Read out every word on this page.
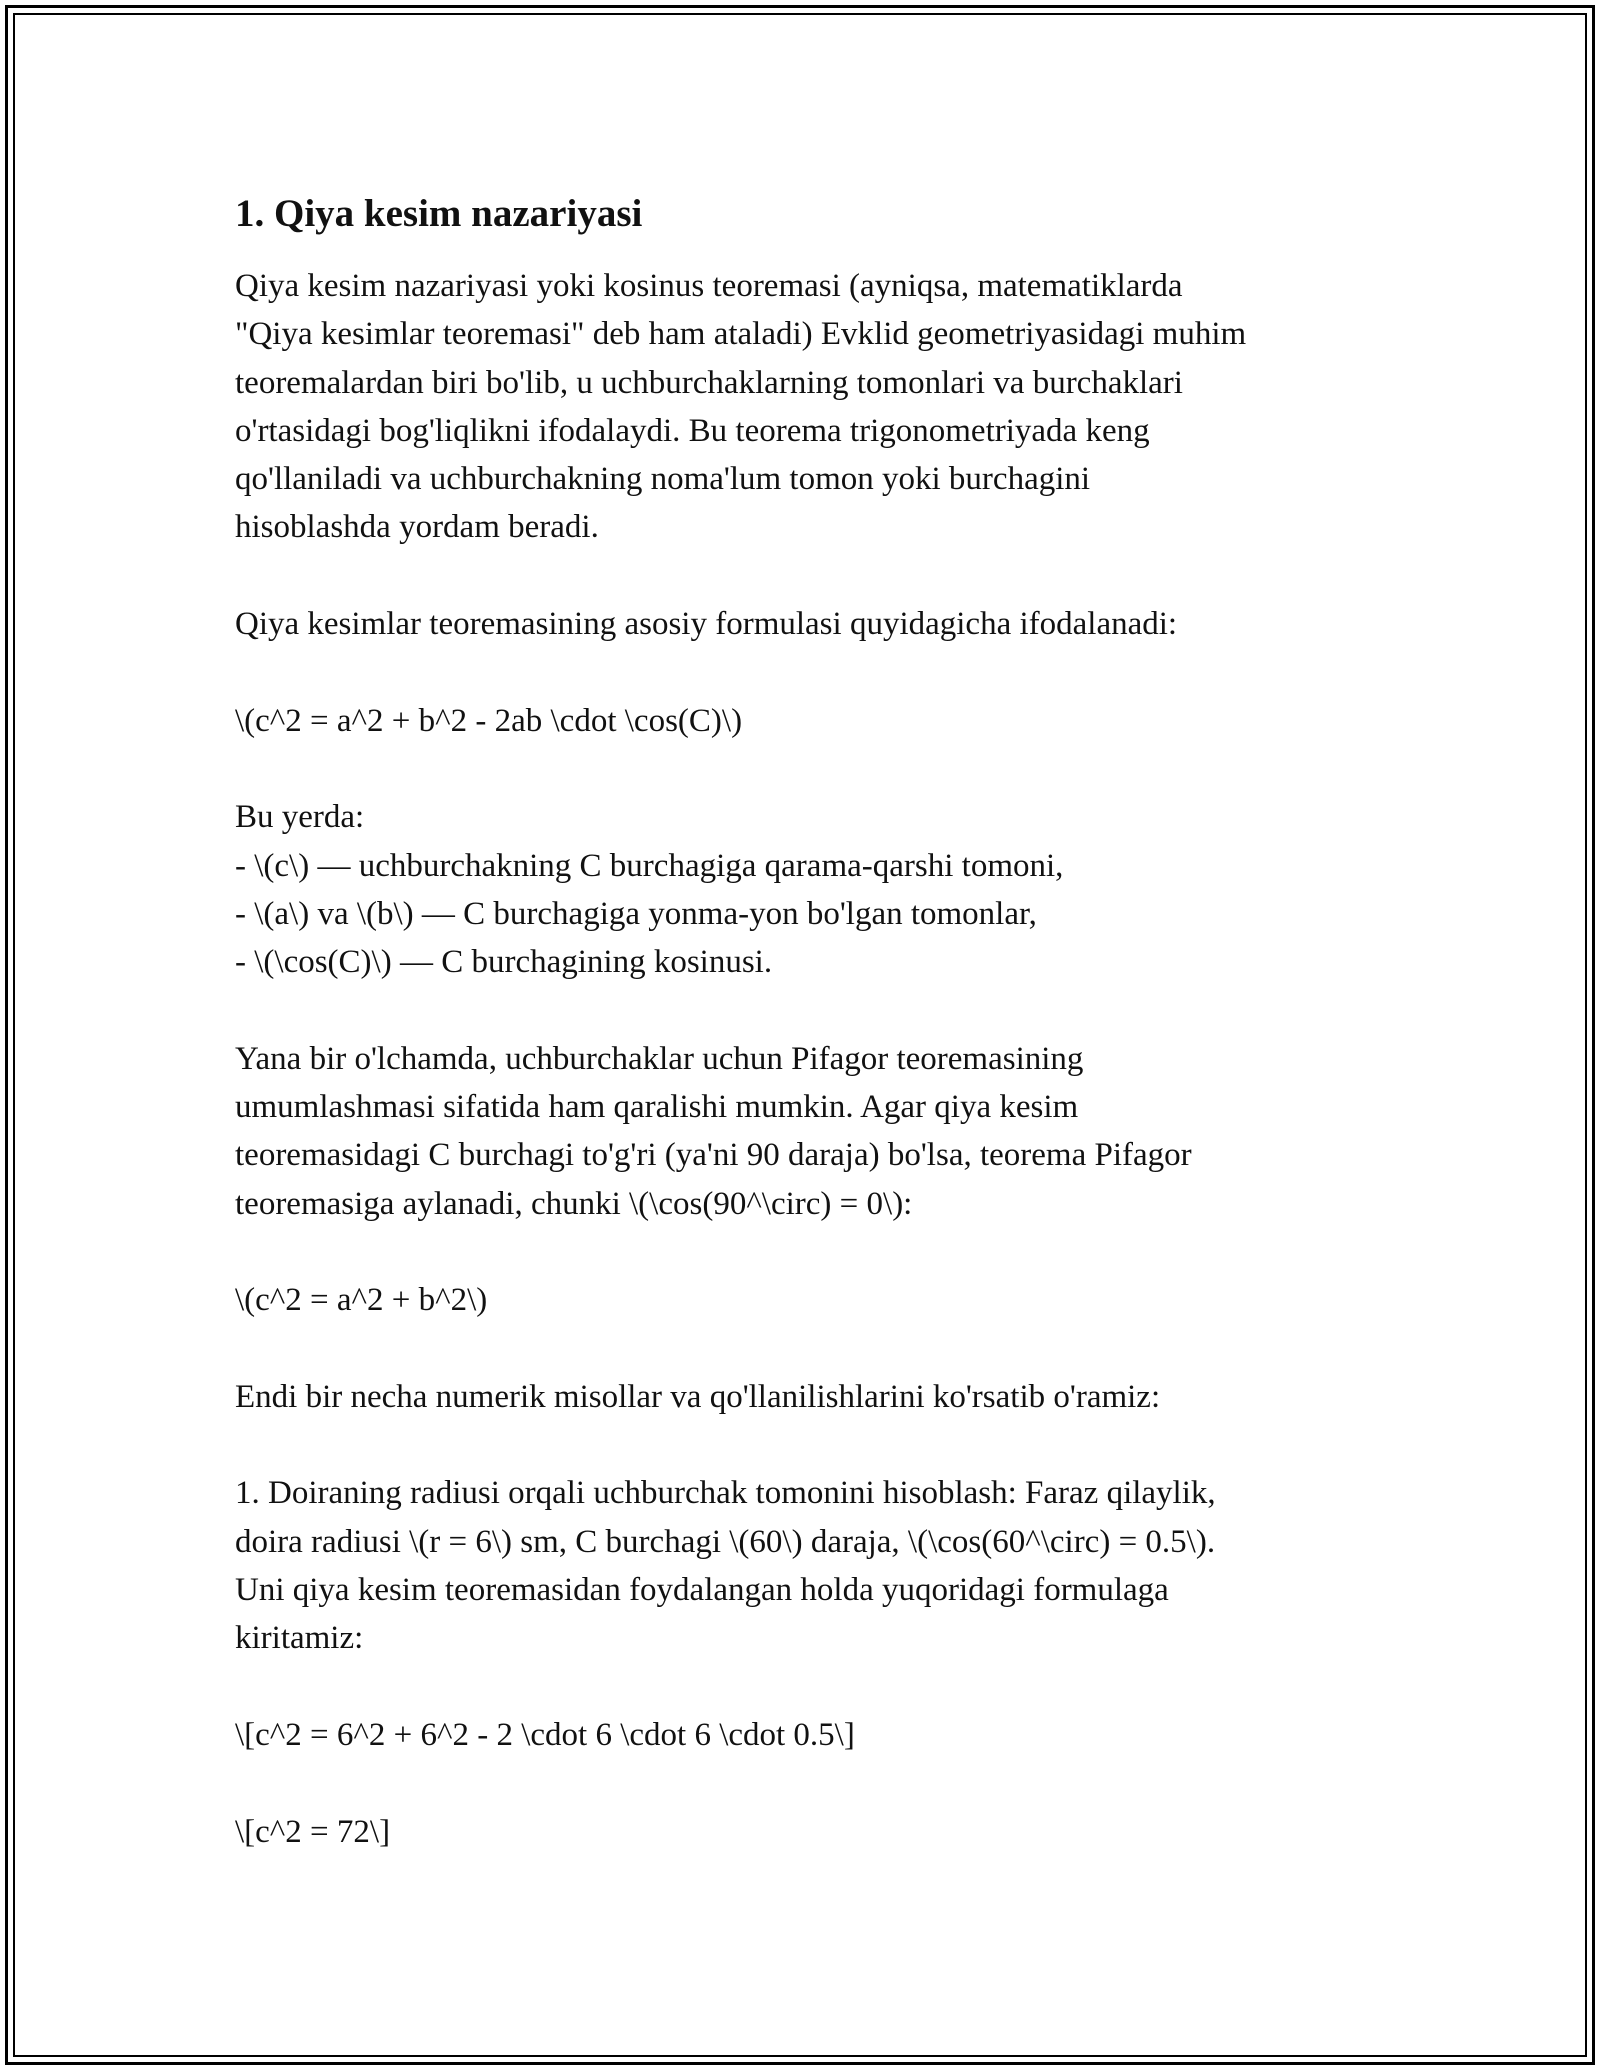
1. Qiya kesim nazariyasi
Qiya kesim nazariyasi yoki kosinus teoremasi (ayniqsa, matematiklarda
"Qiya kesimlar teoremasi" deb ham ataladi) Evklid geometriyasidagi muhim
teoremalardan biri bo'lib, u uchburchaklarning tomonlari va burchaklari
o'rtasidagi bog'liqlikni ifodalaydi. Bu teorema trigonometriyada keng
qo'llaniladi va uchburchakning noma'lum tomon yoki burchagini
hisoblashda yordam beradi.
Qiya kesimlar teoremasining asosiy formulasi quyidagicha ifodalanadi:
\(c^2 = a^2 + b^2 - 2ab \cdot \cos(C)\)
Bu yerda:
- \(c\) — uchburchakning C burchagiga qarama-qarshi tomoni,
- \(a\) va \(b\) — C burchagiga yonma-yon bo'lgan tomonlar,
- \(\cos(C)\) — C burchagining kosinusi.
Yana bir o'lchamda, uchburchaklar uchun Pifagor teoremasining
umumlashmasi sifatida ham qaralishi mumkin. Agar qiya kesim
teoremasidagi C burchagi to'g'ri (ya'ni 90 daraja) bo'lsa, teorema Pifagor
teoremasiga aylanadi, chunki \(\cos(90^\circ) = 0\):
\(c^2 = a^2 + b^2\)
Endi bir necha numerik misollar va qo'llanilishlarini ko'rsatib o'ramiz:
1. Doiraning radiusi orqali uchburchak tomonini hisoblash: Faraz qilaylik,
doira radiusi \(r = 6\) sm, C burchagi \(60\) daraja, \(\cos(60^\circ) = 0.5\).
Uni qiya kesim teoremasidan foydalangan holda yuqoridagi formulaga
kiritamiz:
\[c^2 = 6^2 + 6^2 - 2 \cdot 6 \cdot 6 \cdot 0.5\]
\[c^2 = 72\]
